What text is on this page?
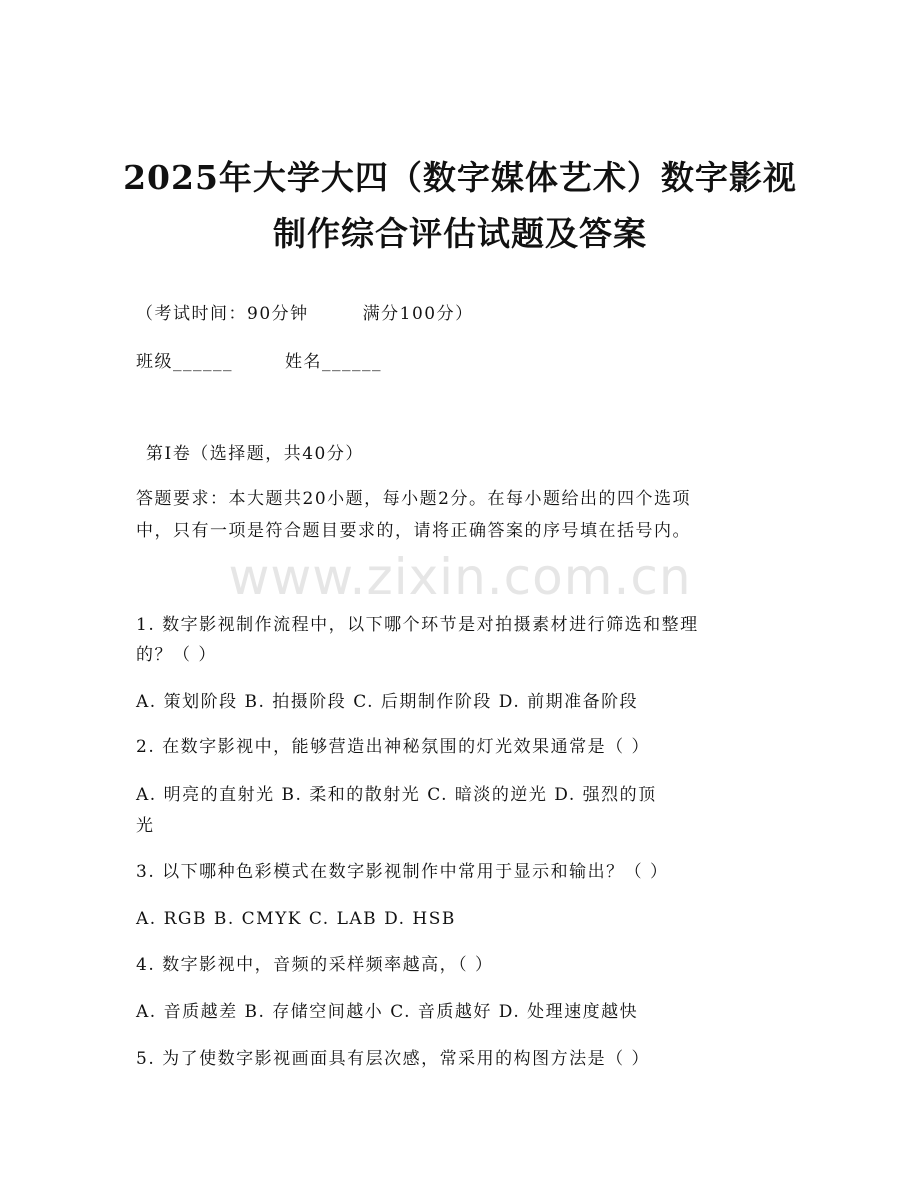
www.zixin.com.cn
2025年大学大四（数字媒体艺术）数字影视
制作综合评估试题及答案
（考试时间：90分钟	满分100分）
班级______	姓名______
第Ⅰ卷（选择题，共40分）
答题要求：本大题共20小题，每小题2分。在每小题给出的四个选项
中，只有一项是符合题目要求的，请将正确答案的序号填在括号内。
1. 数字影视制作流程中，以下哪个环节是对拍摄素材进行筛选和整理
的？（ ）
A. 策划阶段 B. 拍摄阶段 C. 后期制作阶段 D. 前期准备阶段
2. 在数字影视中，能够营造出神秘氛围的灯光效果通常是（ ）
A. 明亮的直射光 B. 柔和的散射光 C. 暗淡的逆光 D. 强烈的顶
光
3. 以下哪种色彩模式在数字影视制作中常用于显示和输出？（ ）
A. RGB B. CMYK C. LAB D. HSB
4. 数字影视中，音频的采样频率越高，（ ）
A. 音质越差 B. 存储空间越小 C. 音质越好 D. 处理速度越快
5. 为了使数字影视画面具有层次感，常采用的构图方法是（ ）
